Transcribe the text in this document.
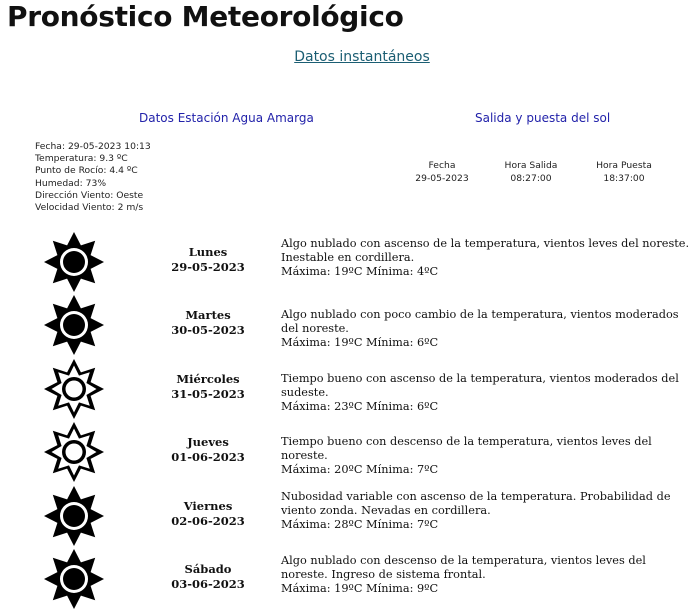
Pronóstico Meteorológico
Datos instantáneos
Datos Estación Agua Amarga	Salida y puesta del sol
Fecha: 29-05-2023 10:13
Temperatura: 9.3 ºC
Punto de Rocío: 4.4 ºC
Humedad: 73%
Dirección Viento: Oeste
Velocidad Viento: 2 m/s
Fecha
29-05-2023
Hora Salida
08:27:00
Hora Puesta
18:37:00
Lunes
29-05-2023
Algo nublado con ascenso de la temperatura, vientos leves del noreste. Inestable en cordillera.
Máxima: 19ºC Mínima: 4ºC
Martes
30-05-2023
Algo nublado con poco cambio de la temperatura, vientos moderados del noreste.
Máxima: 19ºC Mínima: 6ºC
Miércoles
31-05-2023
Tiempo bueno con ascenso de la temperatura, vientos moderados del sudeste.
Máxima: 23ºC Mínima: 6ºC
Jueves
01-06-2023
Tiempo bueno con descenso de la temperatura, vientos leves del noreste.
Máxima: 20ºC Mínima: 7ºC
Viernes
02-06-2023
Nubosidad variable con ascenso de la temperatura. Probabilidad de viento zonda. Nevadas en cordillera.
Máxima: 28ºC Mínima: 7ºC
Sábado
03-06-2023
Algo nublado con descenso de la temperatura, vientos leves del noreste. Ingreso de sistema frontal.
Máxima: 19ºC Mínima: 9ºC
